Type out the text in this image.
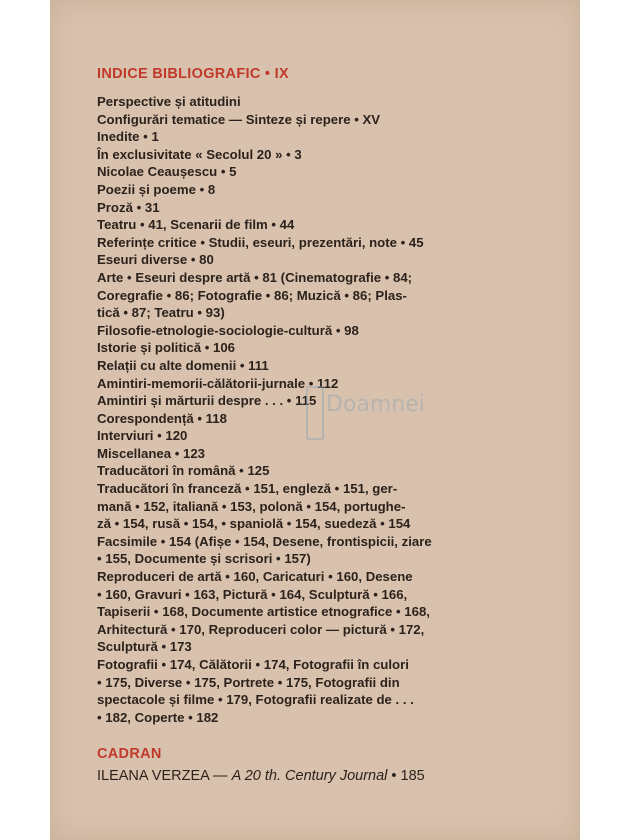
INDICE BIBLIOGRAFIC • IX
Perspective și atitudini
Configurări tematice — Sinteze și repere • XV
Inedite • 1
În exclusivitate « Secolul 20 » • 3
Nicolae Ceaușescu • 5
Poezii și poeme • 8
Proză • 31
Teatru • 41, Scenarii de film • 44
Referințe critice • Studii, eseuri, prezentări, note • 45
Eseuri diverse • 80
Arte • Eseuri despre artă • 81 (Cinematografie • 84;
Coregrafie • 86; Fotografie • 86; Muzică • 86; Plas-
tică • 87; Teatru • 93)
Filosofie-etnologie-sociologie-cultură • 98
Istorie și politică • 106
Relații cu alte domenii • 111
Amintiri-memorii-călătorii-jurnale • 112
Amintiri și mărturii despre . . . • 115
Corespondență • 118
Interviuri • 120
Miscellanea • 123
Traducători în română • 125
Traducători în franceză • 151, engleză • 151, ger-
mană • 152, italiană • 153, polonă • 154, portughe-
ză • 154, rusă • 154, • spaniolă • 154, suedeză • 154
Facsimile • 154 (Afișe • 154, Desene, frontispicii, ziare
• 155, Documente și scrisori • 157)
Reproduceri de artă • 160, Caricaturi • 160, Desene
• 160, Gravuri • 163, Pictură • 164, Sculptură • 166,
Tapiserii • 168, Documente artistice etnografice • 168,
Arhitectură • 170, Reproduceri color — pictură • 172,
Sculptură • 173
Fotografii • 174, Călătorii • 174, Fotografii în culori
• 175, Diverse • 175, Portrete • 175, Fotografii din
spectacole și filme • 179, Fotografii realizate de . . .
• 182, Coperte • 182
CADRAN
ILEANA VERZEA — A 20 th. Century Journal • 185
Doamnei
